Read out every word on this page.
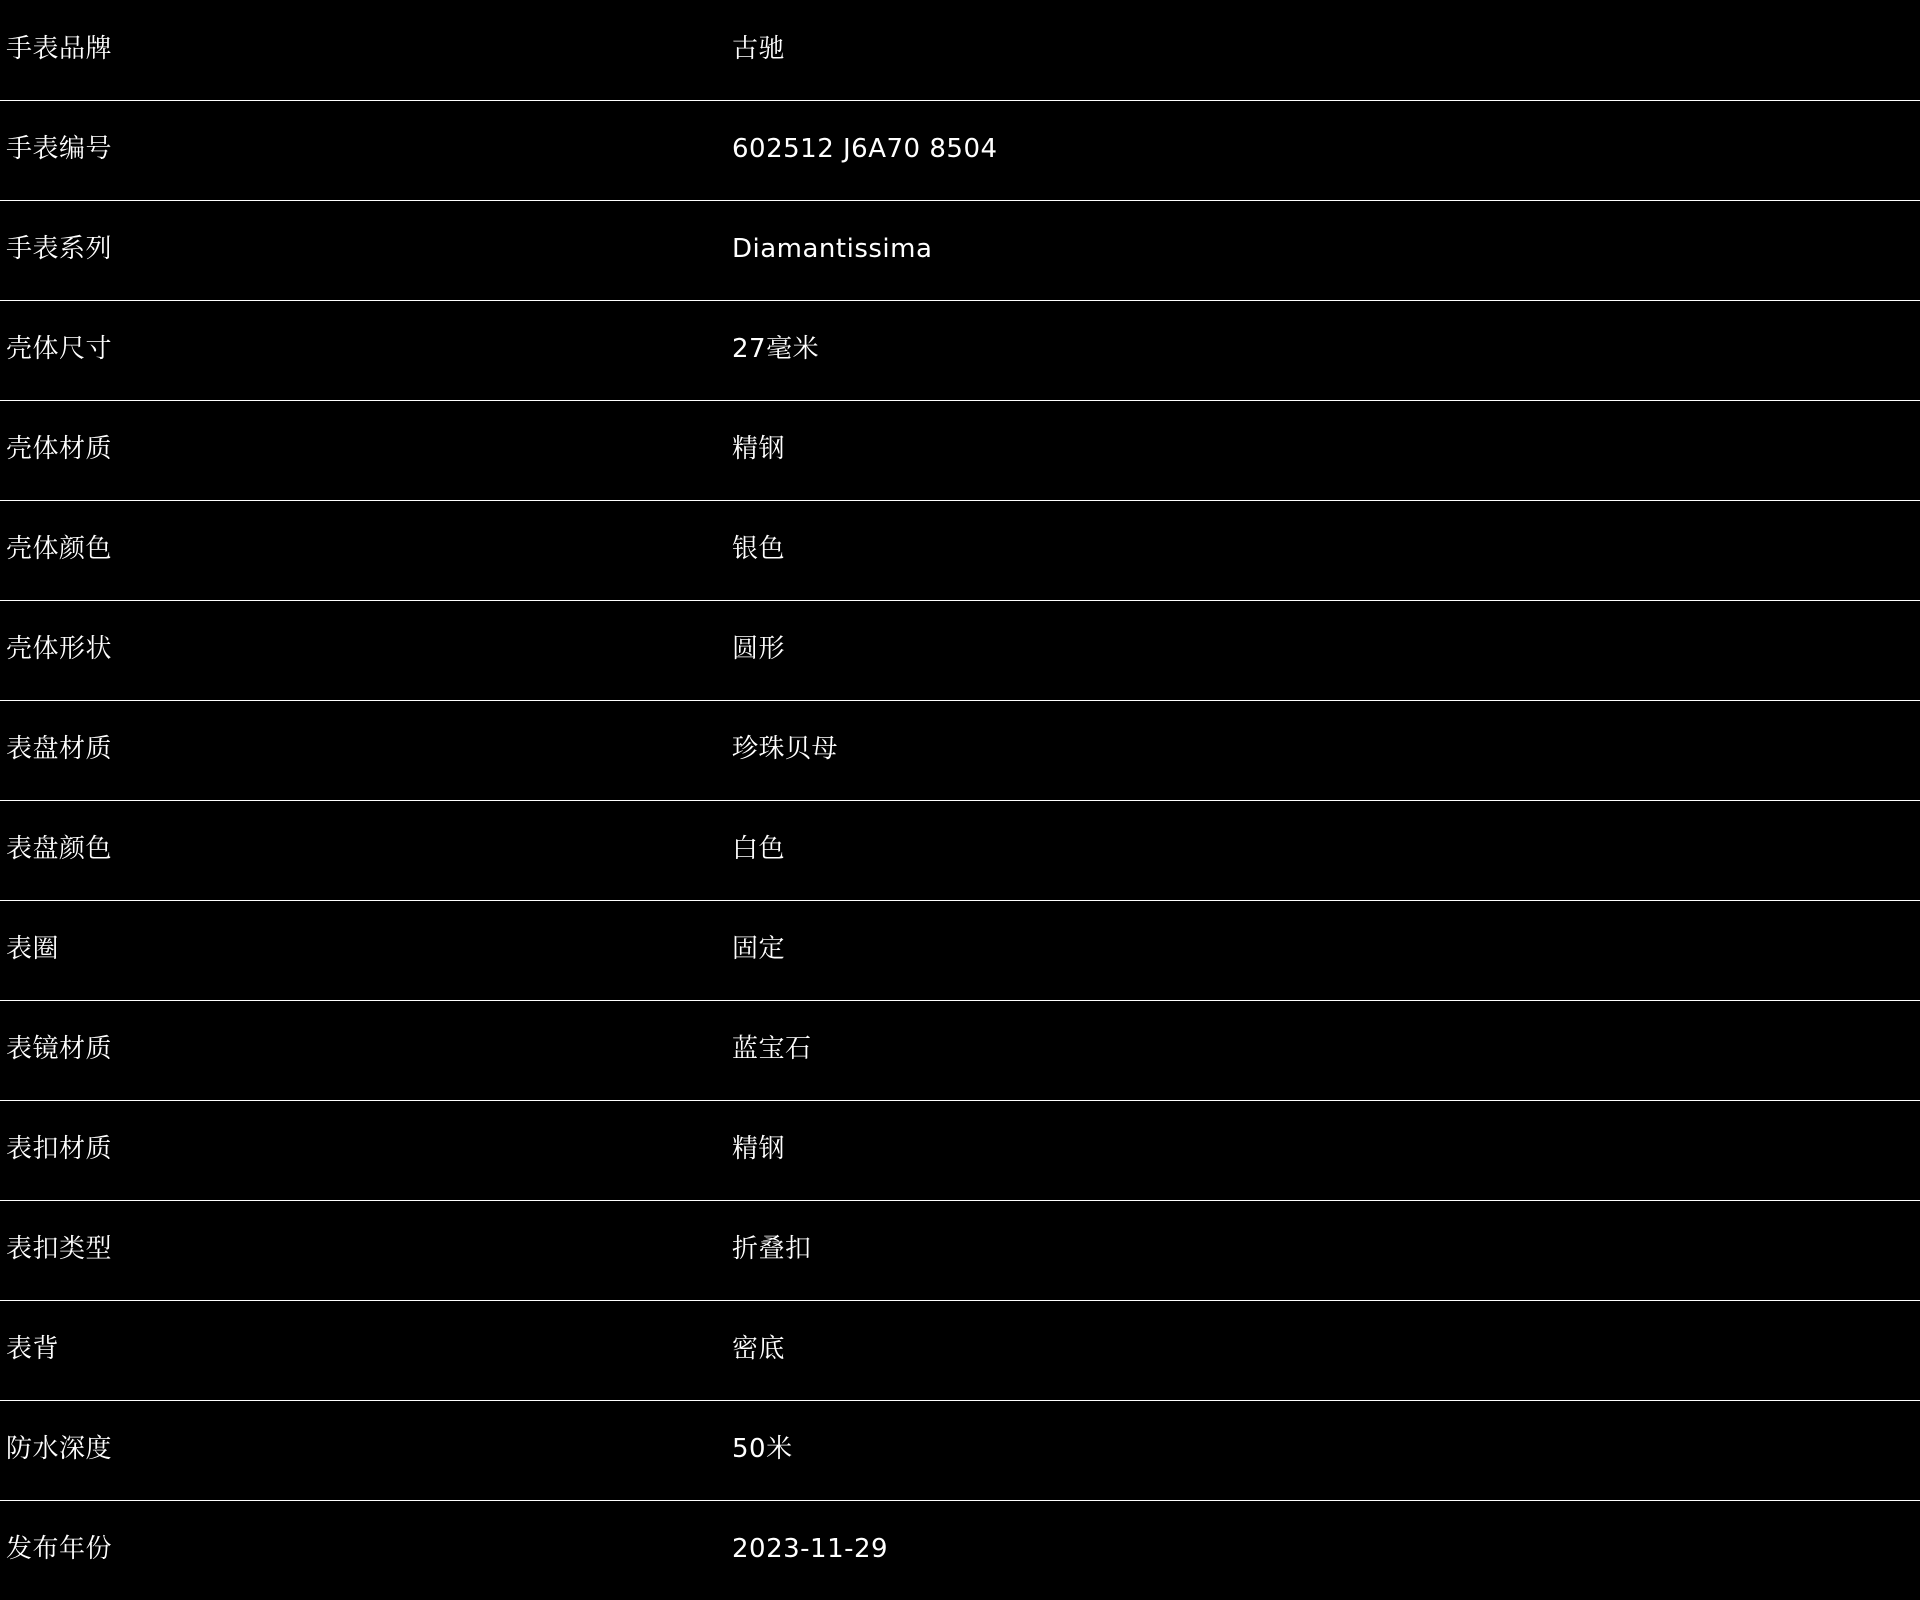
手表品牌	古驰

手表编号	602512 J6A70 8504

手表系列	Diamantissima

壳体尺寸	27毫米

壳体材质	精钢

壳体颜色	银色

壳体形状	圆形

表盘材质	珍珠贝母

表盘颜色	白色

表圈	固定

表镜材质	蓝宝石

表扣材质	精钢

表扣类型	折叠扣

表背	密底

防水深度	50米

发布年份	2023-11-29
